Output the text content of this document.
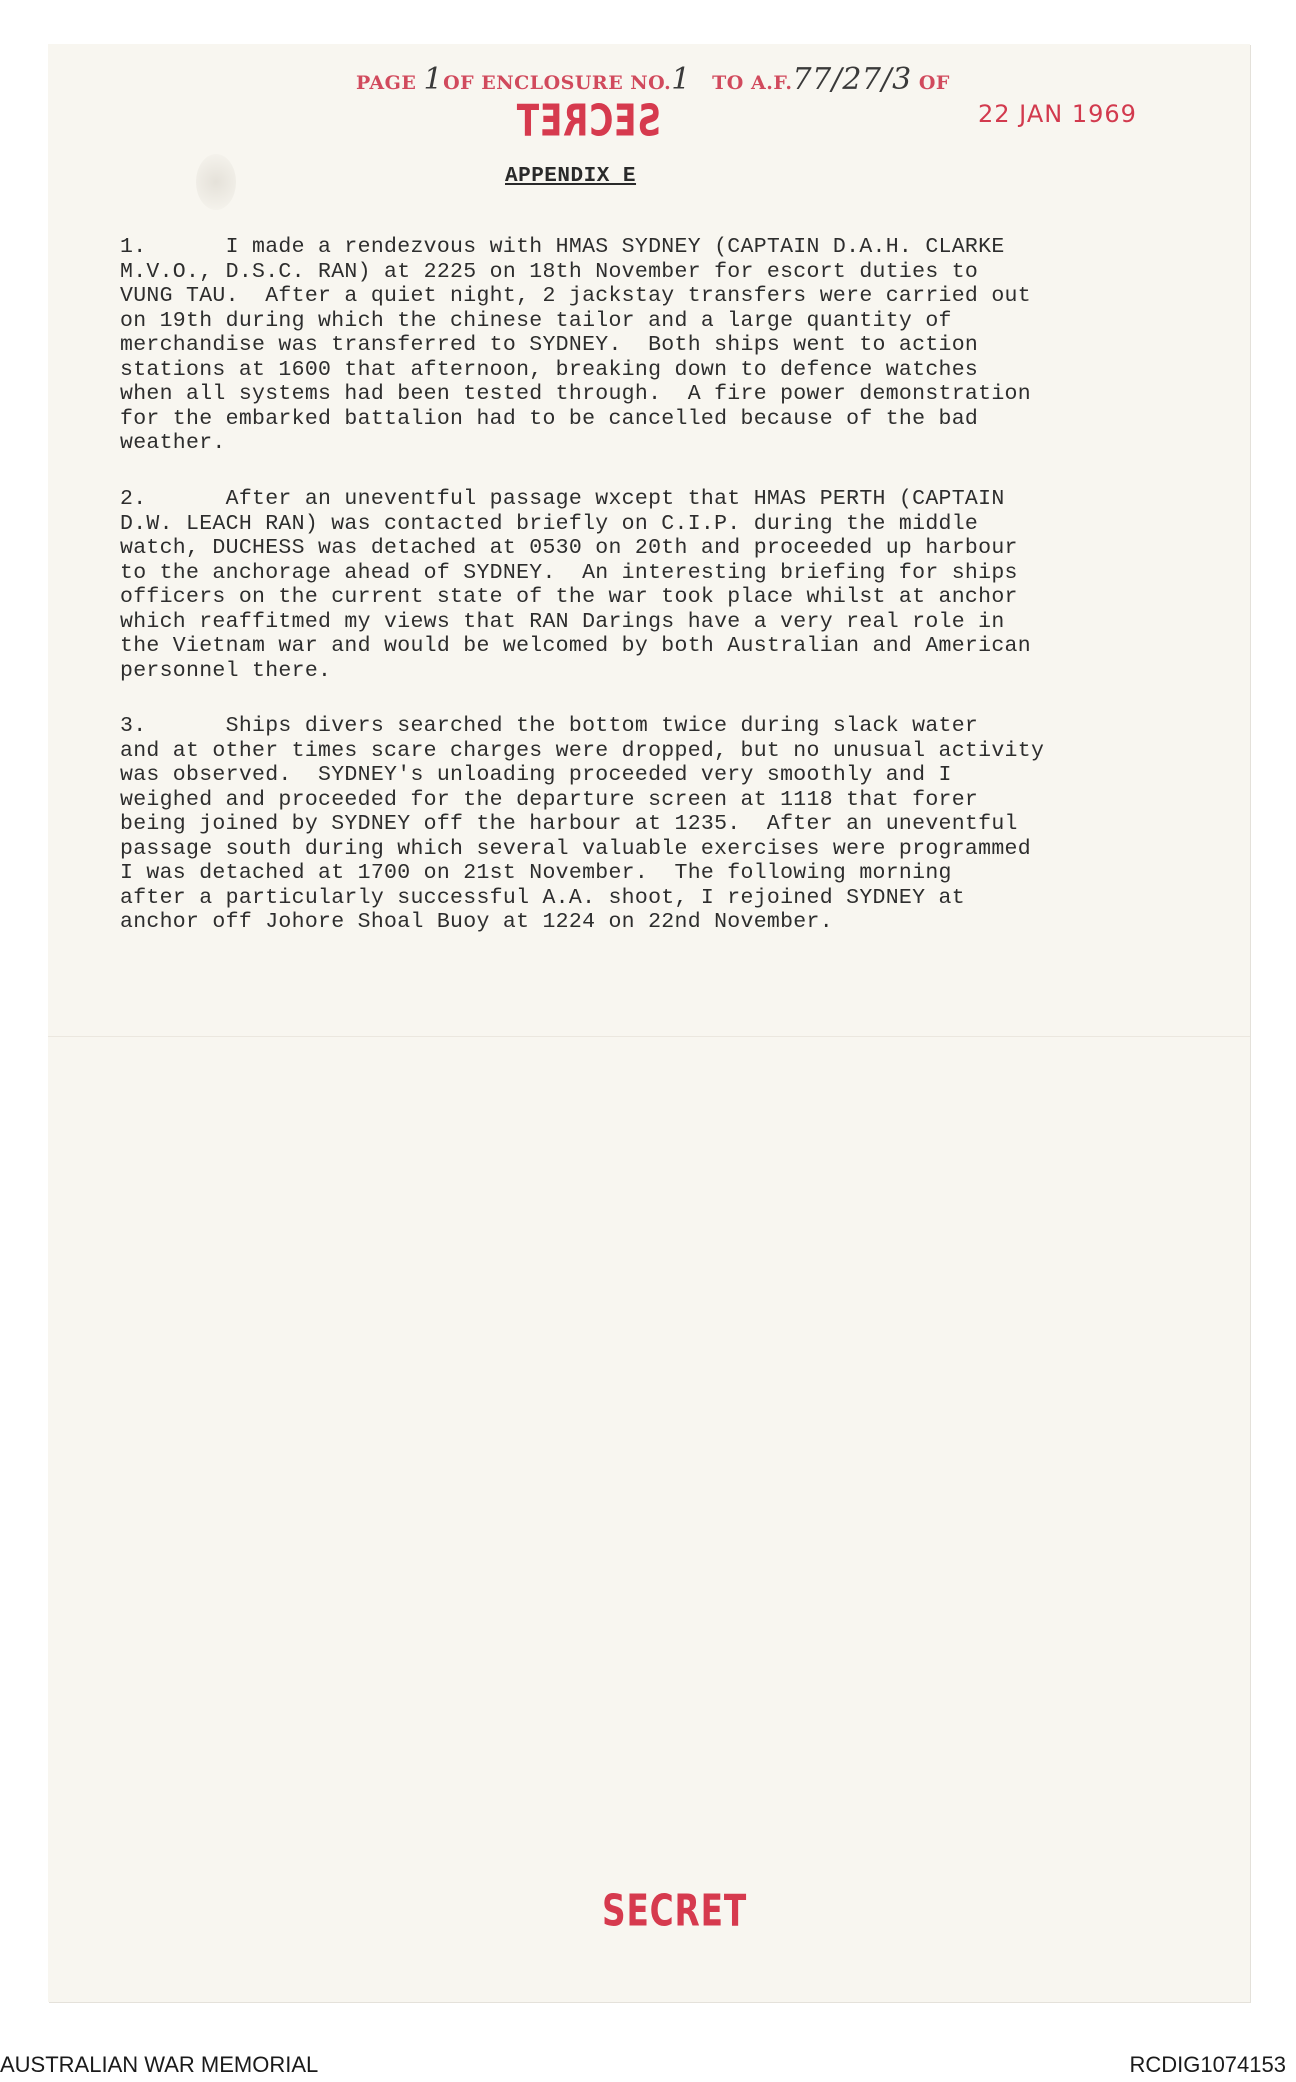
PAGE 1OF ENCLOSURE NO.1 TO A.F.77/27/3 OF
SECRET	22 JAN 1969
APPENDIX E
1.      I made a rendezvous with HMAS SYDNEY (CAPTAIN D.A.H. CLARKE
M.V.O., D.S.C. RAN) at 2225 on 18th November for escort duties to
VUNG TAU.  After a quiet night, 2 jackstay transfers were carried out
on 19th during which the chinese tailor and a large quantity of
merchandise was transferred to SYDNEY.  Both ships went to action
stations at 1600 that afternoon, breaking down to defence watches
when all systems had been tested through.  A fire power demonstration
for the embarked battalion had to be cancelled because of the bad
weather.
2.      After an uneventful passage wxcept that HMAS PERTH (CAPTAIN
D.W. LEACH RAN) was contacted briefly on C.I.P. during the middle
watch, DUCHESS was detached at 0530 on 20th and proceeded up harbour
to the anchorage ahead of SYDNEY.  An interesting briefing for ships
officers on the current state of the war took place whilst at anchor
which reaffitmed my views that RAN Darings have a very real role in
the Vietnam war and would be welcomed by both Australian and American
personnel there.
3.      Ships divers searched the bottom twice during slack water
and at other times scare charges were dropped, but no unusual activity
was observed.  SYDNEY's unloading proceeded very smoothly and I
weighed and proceeded for the departure screen at 1118 that forer
being joined by SYDNEY off the harbour at 1235.  After an uneventful
passage south during which several valuable exercises were programmed
I was detached at 1700 on 21st November.  The following morning
after a particularly successful A.A. shoot, I rejoined SYDNEY at
anchor off Johore Shoal Buoy at 1224 on 22nd November.
SECRET
AUSTRALIAN WAR MEMORIAL	RCDIG1074153
